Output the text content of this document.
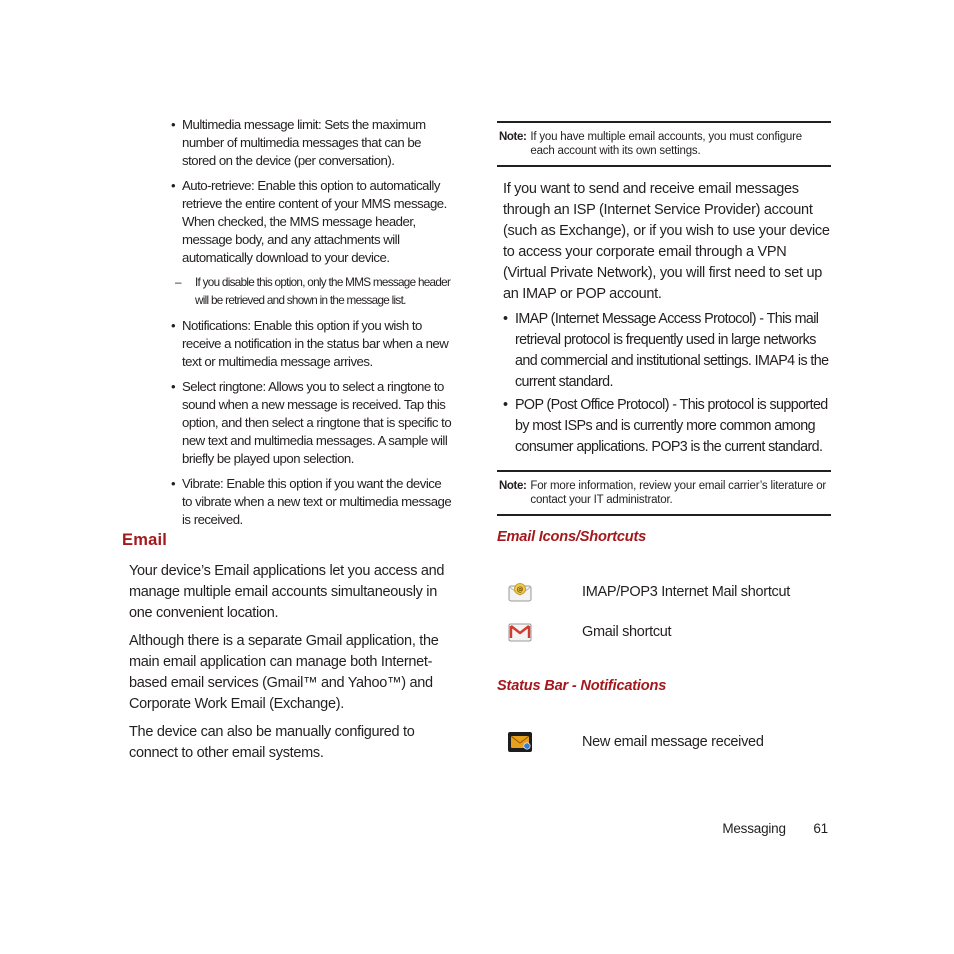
• Multimedia message limit: Sets the maximum number of multimedia messages that can be stored on the device (per conversation).
• Auto-retrieve: Enable this option to automatically retrieve the entire content of your MMS message. When checked, the MMS message header, message body, and any attachments will automatically download to your device.
– If you disable this option, only the MMS message header will be retrieved and shown in the message list.
• Notifications: Enable this option if you wish to receive a notification in the status bar when a new text or multimedia message arrives.
• Select ringtone: Allows you to select a ringtone to sound when a new message is received. Tap this option, and then select a ringtone that is specific to new text and multimedia messages. A sample will briefly be played upon selection.
• Vibrate: Enable this option if you want the device to vibrate when a new text or multimedia message is received.
Email

Your device’s Email applications let you access and manage multiple email accounts simultaneously in one convenient location.

Although there is a separate Gmail application, the main email application can manage both Internet-based email services (Gmail™ and Yahoo™) and Corporate Work Email (Exchange).

The device can also be manually configured to connect to other email systems.

Note: If you have multiple email accounts, you must configure each account with its own settings.

If you want to send and receive email messages through an ISP (Internet Service Provider) account (such as Exchange), or if you wish to use your device to access your corporate email through a VPN (Virtual Private Network), you will first need to set up an IMAP or POP account.

• IMAP (Internet Message Access Protocol) - This mail retrieval protocol is frequently used in large networks and commercial and institutional settings. IMAP4 is the current standard.
• POP (Post Office Protocol) - This protocol is supported by most ISPs and is currently more common among consumer applications. POP3 is the current standard.
Note: For more information, review your email carrier’s literature or contact your IT administrator.
Email Icons/Shortcuts
@	IMAP/POP3 Internet Mail shortcut
Gmail shortcut
Status Bar - Notifications
New email message received
Messaging 61
